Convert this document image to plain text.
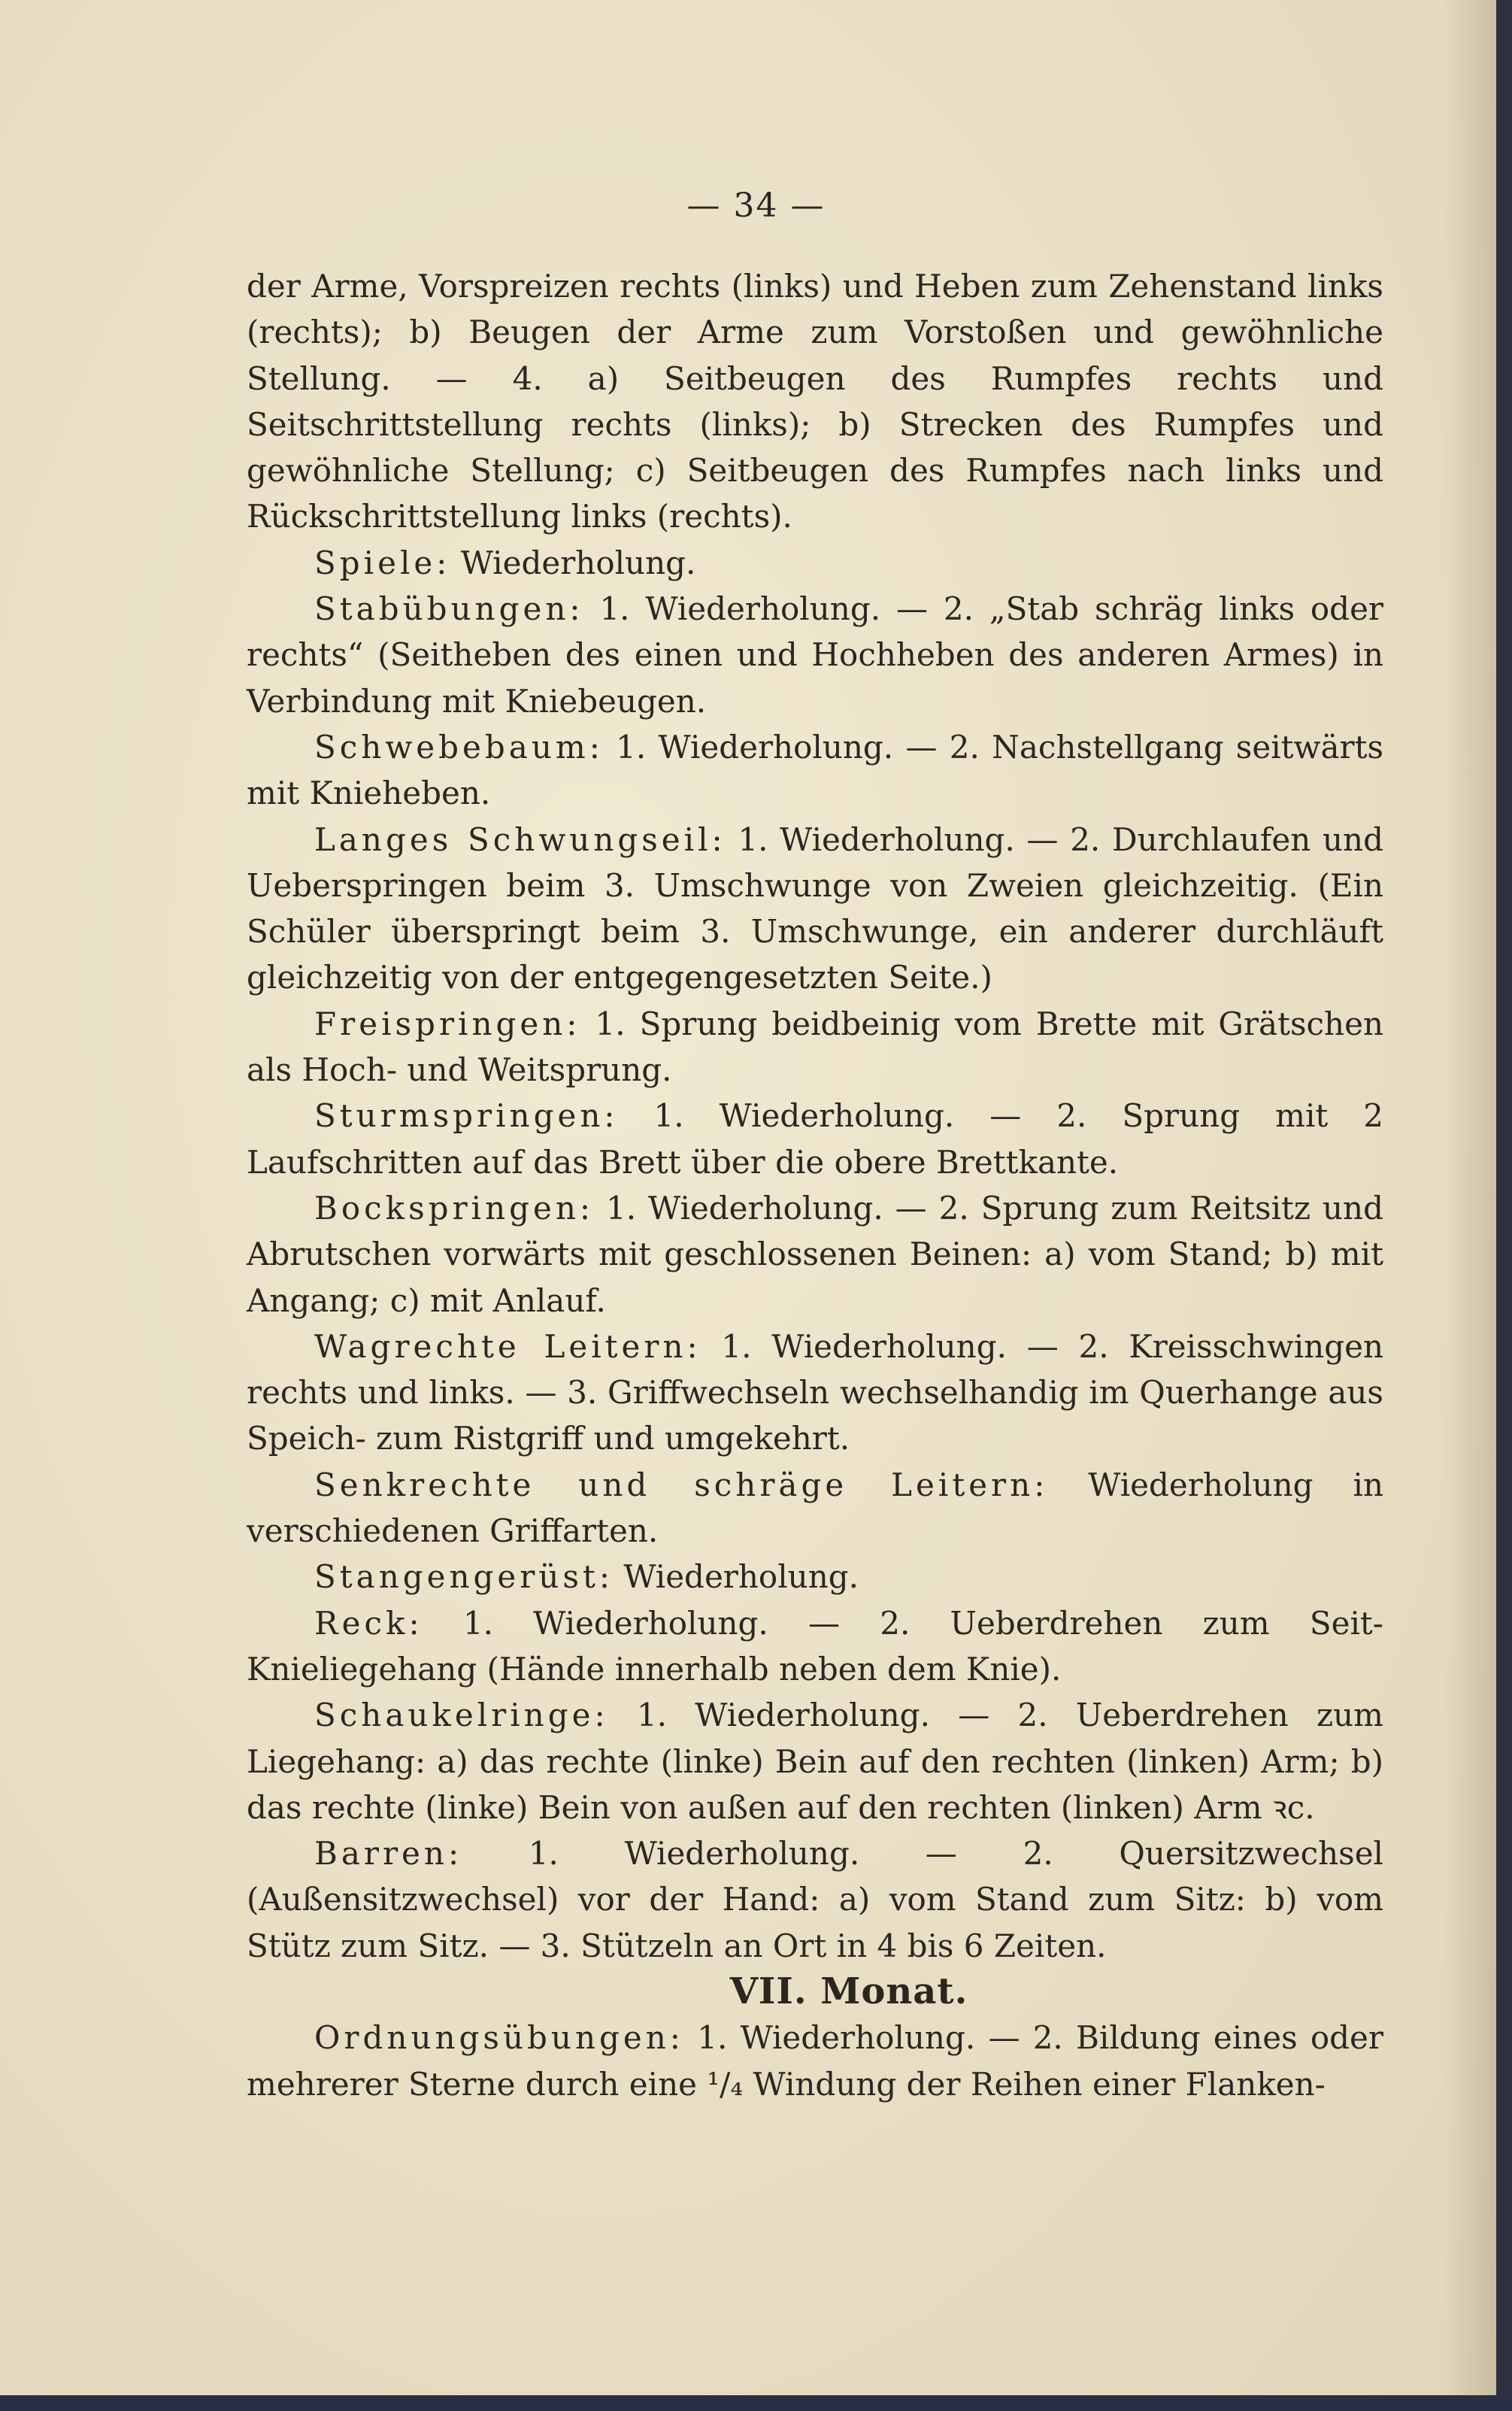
— 34 —

der Arme, Vorspreizen rechts (links) und Heben zum Zehenstand links (rechts); b) Beugen der Arme zum Vorstoßen und gewöhnliche Stellung. — 4. a) Seitbeugen des Rumpfes rechts und Seitschrittstellung rechts (links); b) Strecken des Rumpfes und gewöhnliche Stellung; c) Seitbeugen des Rumpfes nach links und Rückschrittstellung links (rechts).

Spiele: Wiederholung.

Stabübungen: 1. Wiederholung. — 2. „Stab schräg links oder rechts“ (Seitheben des einen und Hochheben des anderen Armes) in Verbindung mit Kniebeugen.

Schwebebaum: 1. Wiederholung. — 2. Nachstellgang seitwärts mit Knieheben.

Langes Schwungseil: 1. Wiederholung. — 2. Durchlaufen und Ueberspringen beim 3. Umschwunge von Zweien gleichzeitig. (Ein Schüler überspringt beim 3. Umschwunge, ein anderer durchläuft gleichzeitig von der entgegengesetzten Seite.)

Freispringen: 1. Sprung beidbeinig vom Brette mit Grätschen als Hoch- und Weitsprung.

Sturmspringen: 1. Wiederholung. — 2. Sprung mit 2 Laufschritten auf das Brett über die obere Brettkante.

Bockspringen: 1. Wiederholung. — 2. Sprung zum Reitsitz und Abrutschen vorwärts mit geschlossenen Beinen: a) vom Stand; b) mit Angang; c) mit Anlauf.

Wagrechte Leitern: 1. Wiederholung. — 2. Kreisschwingen rechts und links. — 3. Griffwechseln wechselhandig im Querhange aus Speich- zum Ristgriff und umgekehrt.

Senkrechte und schräge Leitern: Wiederholung in verschiedenen Griffarten.

Stangengerüst: Wiederholung.

Reck: 1. Wiederholung. — 2. Ueberdrehen zum Seit-Knieliegehang (Hände innerhalb neben dem Knie).

Schaukelringe: 1. Wiederholung. — 2. Ueberdrehen zum Liegehang: a) das rechte (linke) Bein auf den rechten (linken) Arm; b) das rechte (linke) Bein von außen auf den rechten (linken) Arm ꝛc.

Barren: 1. Wiederholung. — 2. Quersitzwechsel (Außensitzwechsel) vor der Hand: a) vom Stand zum Sitz: b) vom Stütz zum Sitz. — 3. Stützeln an Ort in 4 bis 6 Zeiten.

VII. Monat.

Ordnungsübungen: 1. Wiederholung. — 2. Bildung eines oder mehrerer Sterne durch eine ¹/₄ Windung der Reihen einer Flanken-
